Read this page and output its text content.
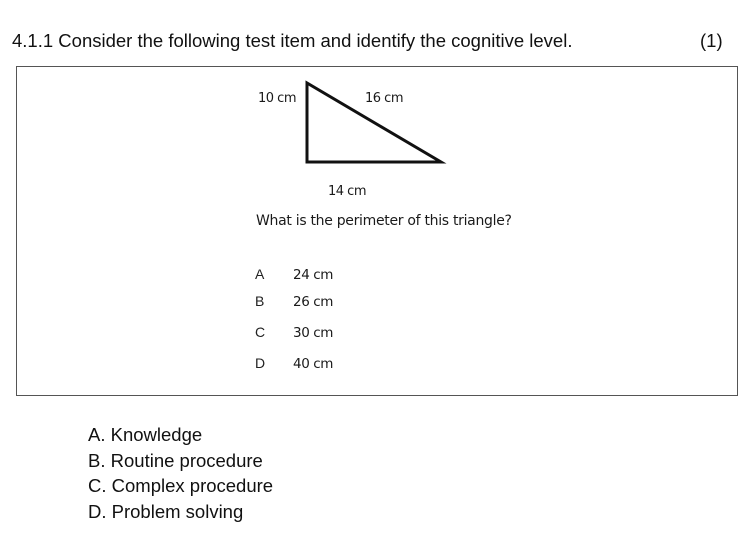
4.1.1 Consider the following test item and identify the cognitive level.	(1)
10 cm	16 cm
14 cm
What is the perimeter of this triangle?
A 24 cm
B 26 cm
C 30 cm
D 40 cm
A. Knowledge
B. Routine procedure
C. Complex procedure
D. Problem solving
